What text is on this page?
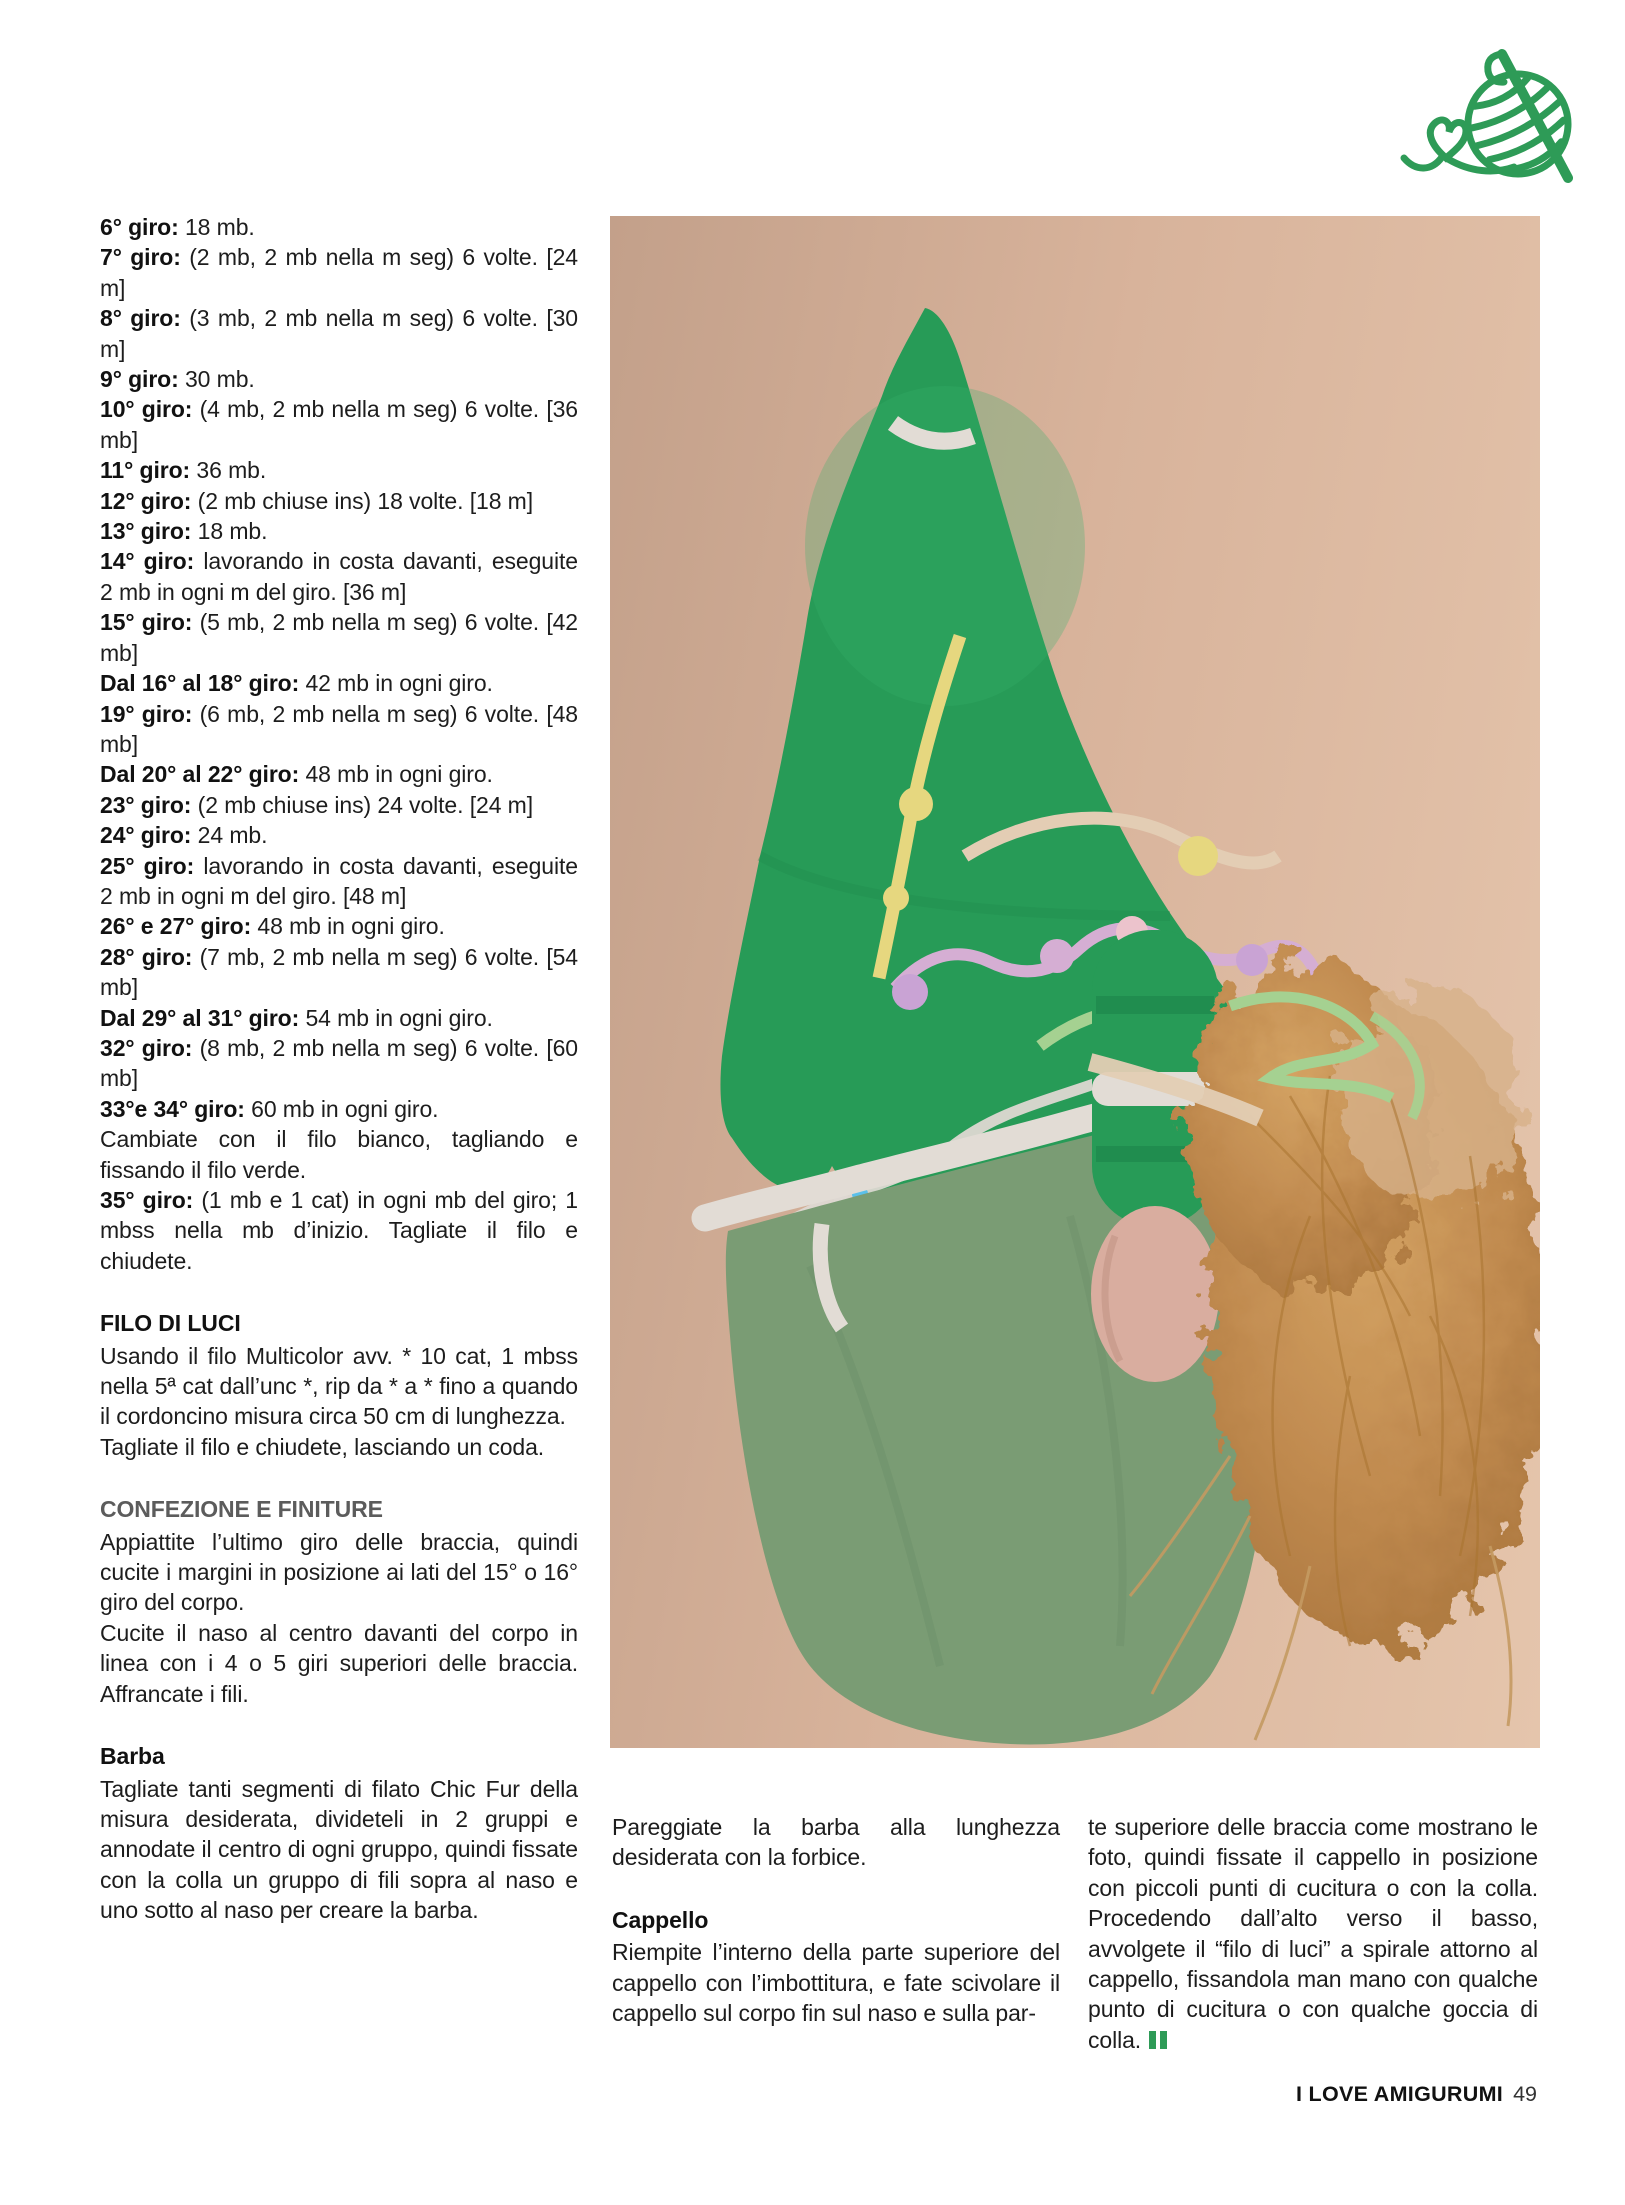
6° giro: 18 mb.

7° giro: (2 mb, 2 mb nella m seg) 6 volte. [24 m]

8° giro: (3 mb, 2 mb nella m seg) 6 volte. [30 m]

9° giro: 30 mb.

10° giro: (4 mb, 2 mb nella m seg) 6 volte. [36 mb]

11° giro: 36 mb.

12° giro: (2 mb chiuse ins) 18 volte. [18 m]

13° giro: 18 mb.

14° giro: lavorando in costa davanti, eseguite 2 mb in ogni m del giro. [36 m]

15° giro: (5 mb, 2 mb nella m seg) 6 volte. [42 mb]

Dal 16° al 18° giro: 42 mb in ogni giro.

19° giro: (6 mb, 2 mb nella m seg) 6 volte. [48 mb]

Dal 20° al 22° giro: 48 mb in ogni giro.

23° giro: (2 mb chiuse ins) 24 volte. [24 m]

24° giro: 24 mb.

25° giro: lavorando in costa davanti, eseguite 2 mb in ogni m del giro. [48 m]

26° e 27° giro: 48 mb in ogni giro.

28° giro: (7 mb, 2 mb nella m seg) 6 volte. [54 mb]

Dal 29° al 31° giro: 54 mb in ogni giro.

32° giro: (8 mb, 2 mb nella m seg) 6 volte. [60 mb]

33°e 34° giro: 60 mb in ogni giro.

Cambiate con il filo bianco, tagliando e fissando il filo verde.

35° giro: (1 mb e 1 cat) in ogni mb del giro; 1 mbss nella mb d’inizio. Tagliate il filo e chiudete.

FILO DI LUCI

Usando il filo Multicolor avv. * 10 cat, 1 mbss nella 5ª cat dall’unc *, rip da * a * fino a quando il cordoncino misura circa 50 cm di lunghezza.

Tagliate il filo e chiudete, lasciando un coda.

CONFEZIONE E FINITURE

Appiattite l’ultimo giro delle braccia, quindi cucite i margini in posizione ai lati del 15° o 16° giro del corpo.

Cucite il naso al centro davanti del corpo in linea con i 4 o 5 giri superiori delle braccia. Affrancate i fili.

Barba

Tagliate tanti segmenti di filato Chic Fur della misura desiderata, divideteli in 2 gruppi e annodate il centro di ogni gruppo, quindi fissate con la colla un gruppo di fili sopra al naso e uno sotto al naso per creare la barba.

Pareggiate la barba alla lunghezza desiderata con la forbice.

Cappello

Riempite l’interno della parte superiore del cappello con l’imbottitura, e fate scivolare il cappello sul corpo fin sul naso e sulla par-

te superiore delle braccia come mostrano le foto, quindi fissate il cappello in posizione con piccoli punti di cucitura o con la colla. Procedendo dall’alto verso il basso, avvolgete il “filo di luci” a spirale attorno al cappello, fissandola man mano con qualche punto di cucitura o con qualche goccia di colla.

I LOVE AMIGURUMI 49
